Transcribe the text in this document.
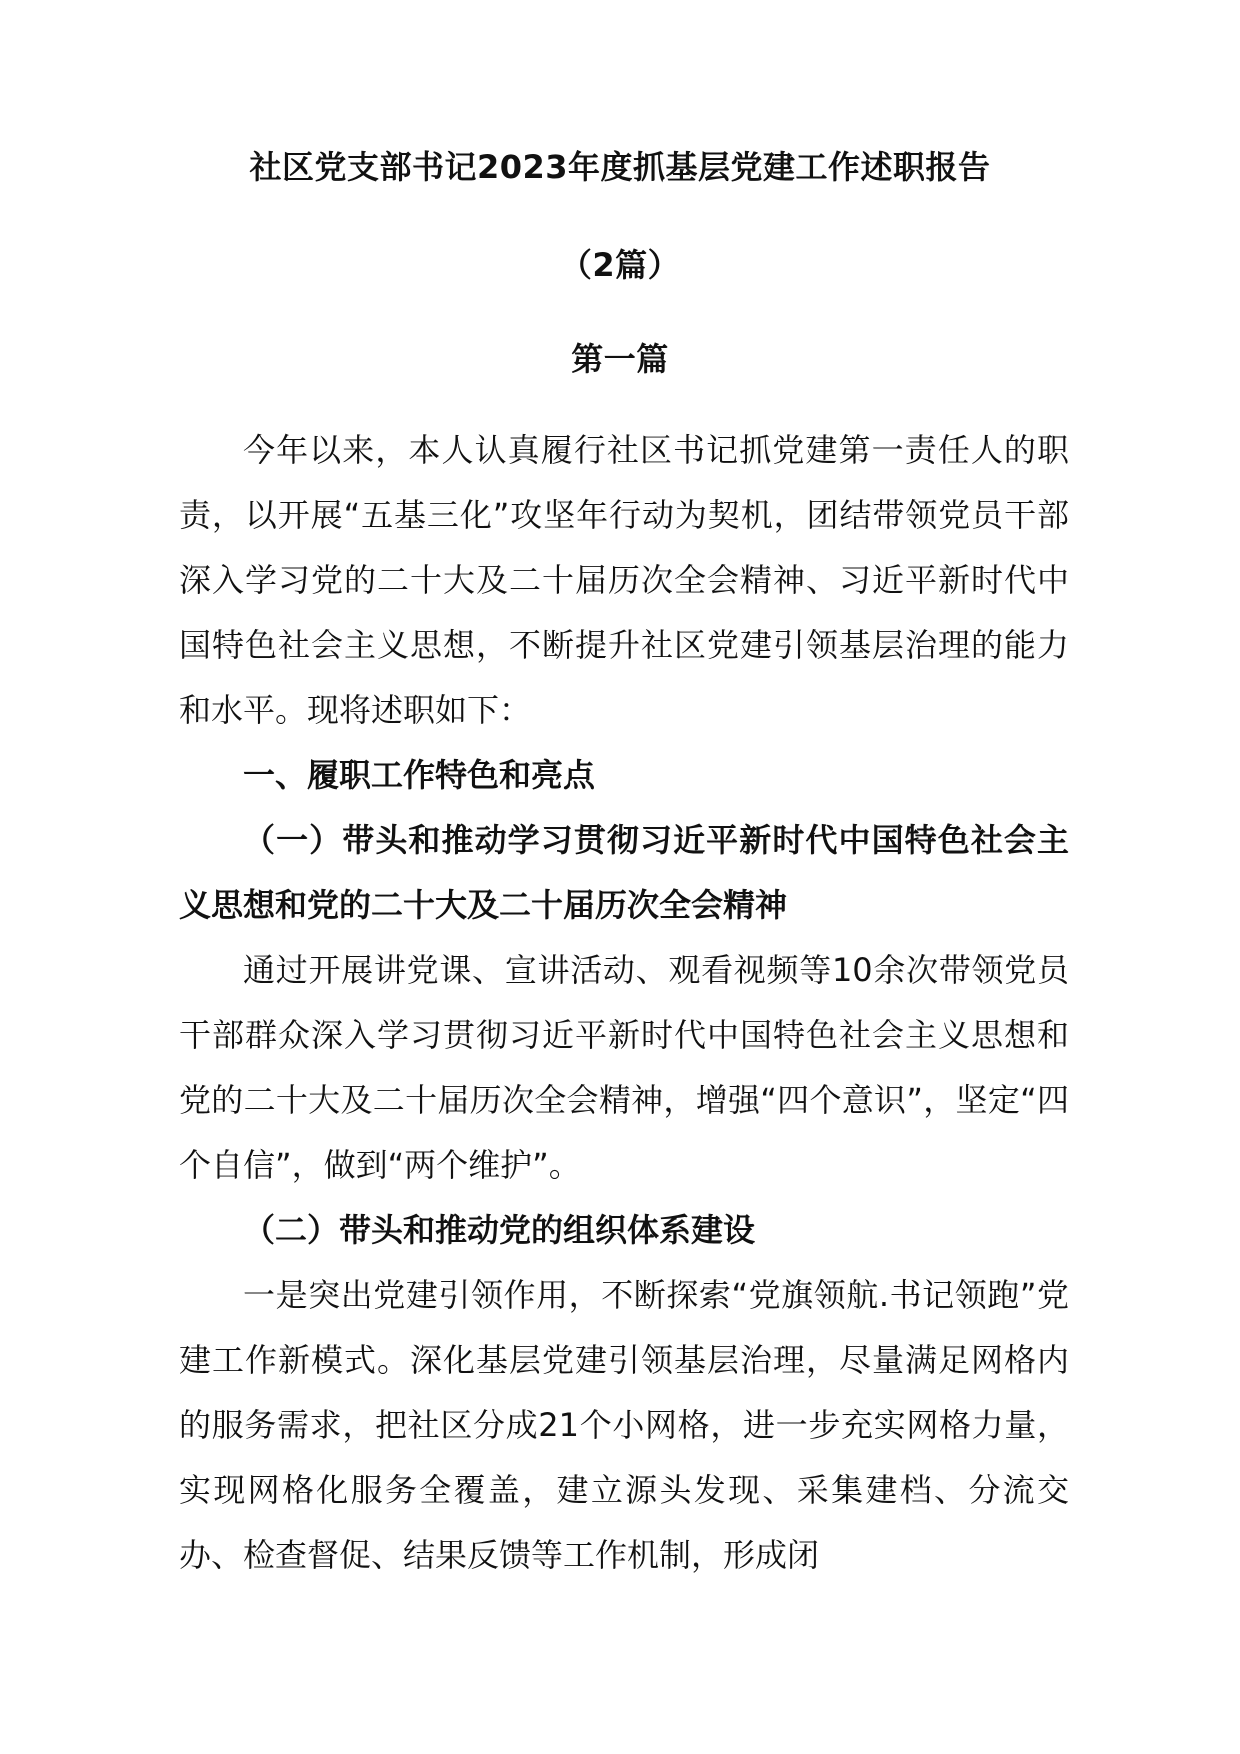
社区党支部书记2023年度抓基层党建工作述职报告
（2篇）
第一篇

今年以来，本人认真履行社区书记抓党建第一责任人的职责，以开展“五基三化”攻坚年行动为契机，团结带领党员干部深入学习党的二十大及二十届历次全会精神、习近平新时代中国特色社会主义思想，不断提升社区党建引领基层治理的能力和水平。现将述职如下：

一、履职工作特色和亮点

（一）带头和推动学习贯彻习近平新时代中国特色社会主义思想和党的二十大及二十届历次全会精神

通过开展讲党课、宣讲活动、观看视频等10余次带领党员干部群众深入学习贯彻习近平新时代中国特色社会主义思想和党的二十大及二十届历次全会精神，增强“四个意识”，坚定“四个自信”，做到“两个维护”。

（二）带头和推动党的组织体系建设

一是突出党建引领作用，不断探索“党旗领航.书记领跑”党建工作新模式。深化基层党建引领基层治理，尽量满足网格内的服务需求，把社区分成21个小网格，进一步充实网格力量，实现网格化服务全覆盖，建立源头发现、采集建档、分流交办、检查督促、结果反馈等工作机制，形成闭
